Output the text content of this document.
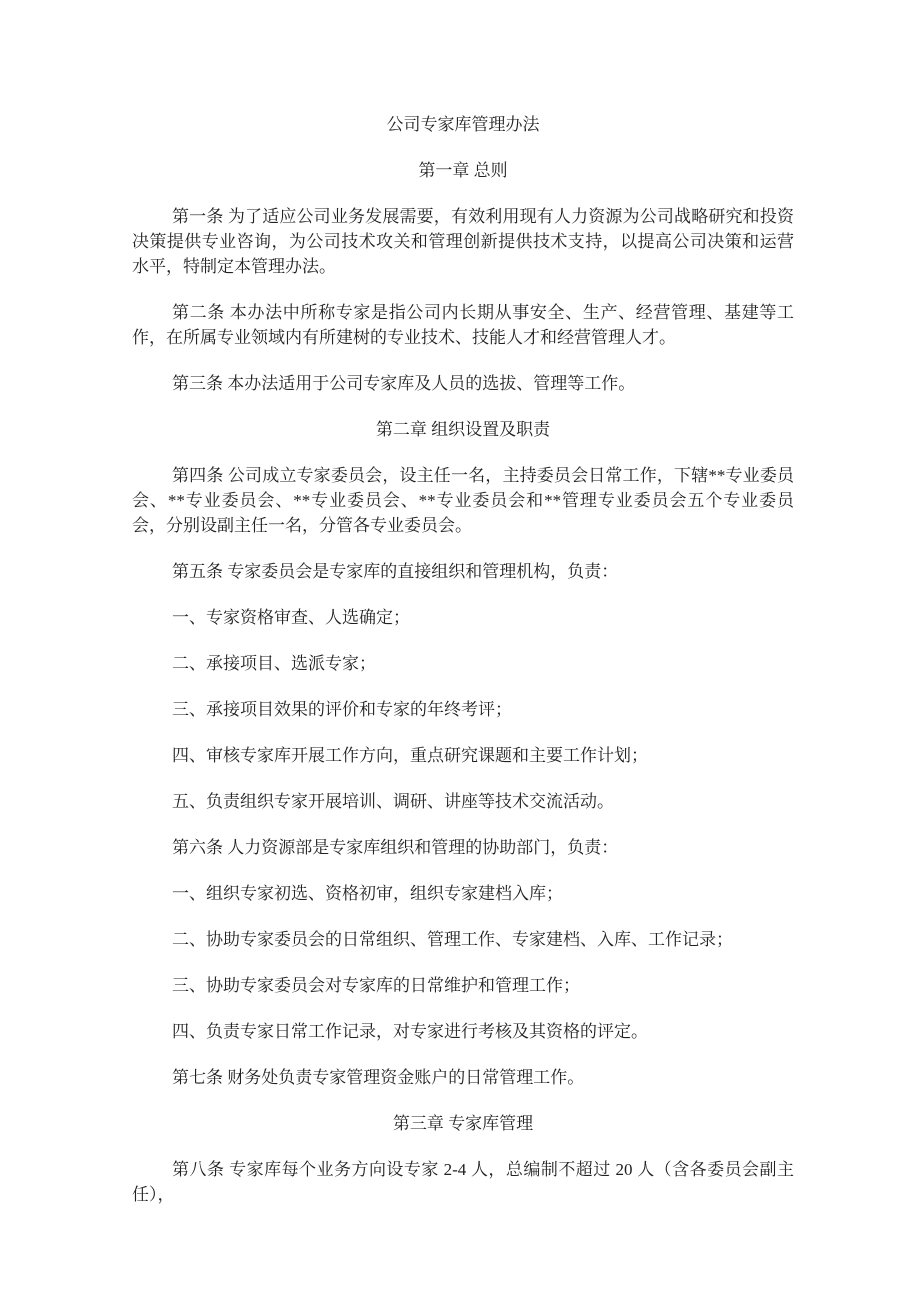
公司专家库管理办法

第一章 总则

第一条 为了适应公司业务发展需要，有效利用现有人力资源为公司战略研究和投资决策提供专业咨询，为公司技术攻关和管理创新提供技术支持，以提高公司决策和运营水平，特制定本管理办法。

第二条 本办法中所称专家是指公司内长期从事安全、生产、经营管理、基建等工作，在所属专业领域内有所建树的专业技术、技能人才和经营管理人才。

第三条 本办法适用于公司专家库及人员的选拔、管理等工作。

第二章 组织设置及职责

第四条 公司成立专家委员会，设主任一名，主持委员会日常工作，下辖**专业委员会、**专业委员会、**专业委员会、**专业委员会和**管理专业委员会五个专业委员会，分别设副主任一名，分管各专业委员会。

第五条 专家委员会是专家库的直接组织和管理机构，负责：

一、专家资格审查、人选确定；

二、承接项目、选派专家；

三、承接项目效果的评价和专家的年终考评；

四、审核专家库开展工作方向，重点研究课题和主要工作计划；

五、负责组织专家开展培训、调研、讲座等技术交流活动。

第六条 人力资源部是专家库组织和管理的协助部门，负责：

一、组织专家初选、资格初审，组织专家建档入库；

二、协助专家委员会的日常组织、管理工作、专家建档、入库、工作记录；

三、协助专家委员会对专家库的日常维护和管理工作；

四、负责专家日常工作记录，对专家进行考核及其资格的评定。

第七条 财务处负责专家管理资金账户的日常管理工作。

第三章 专家库管理

第八条 专家库每个业务方向设专家 2-4 人，总编制不超过 20 人（含各委员会副主任），
